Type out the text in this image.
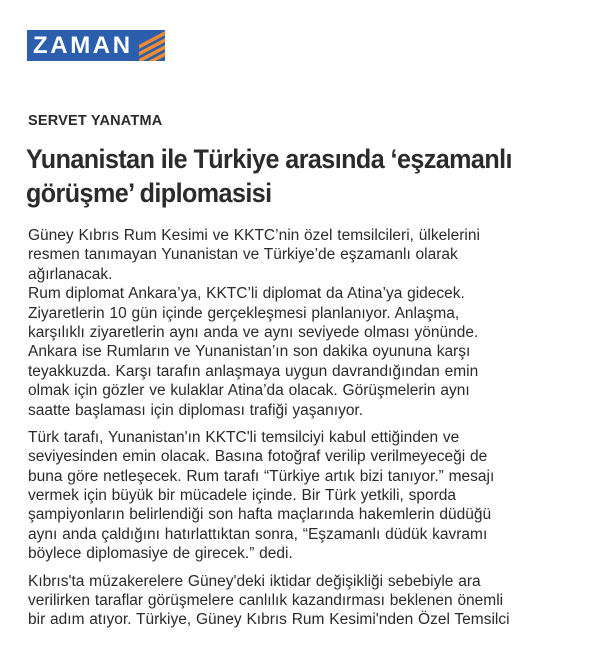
ZAMAN

SERVET YANATMA

Yunanistan ile Türkiye arasında ‘eşzamanlı
görüşme’ diplomasisi
Güney Kıbrıs Rum Kesimi ve KKTC’nin özel temsilcileri, ülkelerini
resmen tanımayan Yunanistan ve Türkiye’de eşzamanlı olarak
ağırlanacak.
Rum diplomat Ankara’ya, KKTC’li diplomat da Atina’ya gidecek.
Ziyaretlerin 10 gün içinde gerçekleşmesi planlanıyor. Anlaşma,
karşılıklı ziyaretlerin aynı anda ve aynı seviyede olması yönünde.
Ankara ise Rumların ve Yunanistan’ın son dakika oyununa karşı
teyakkuzda. Karşı tarafın anlaşmaya uygun davrandığından emin
olmak için gözler ve kulaklar Atina’da olacak. Görüşmelerin aynı
saatte başlaması için diploması trafiği yaşanıyor.
Türk tarafı, Yunanistan'ın KKTC'li temsilciyi kabul ettiğinden ve
seviyesinden emin olacak. Basına fotoğraf verilip verilmeyeceği de
buna göre netleşecek. Rum tarafı “Türkiye artık bizi tanıyor.” mesajı
vermek için büyük bir mücadele içinde. Bir Türk yetkili, sporda
şampiyonların belirlendiği son hafta maçlarında hakemlerin düdüğü
aynı anda çaldığını hatırlattıktan sonra, “Eşzamanlı düdük kavramı
böylece diplomasiye de girecek.” dedi.
Kıbrıs'ta müzakerelere Güney'deki iktidar değişikliği sebebiyle ara
verilirken taraflar görüşmelere canlılık kazandırması beklenen önemli
bir adım atıyor. Türkiye, Güney Kıbrıs Rum Kesimi'nden Özel Temsilci
